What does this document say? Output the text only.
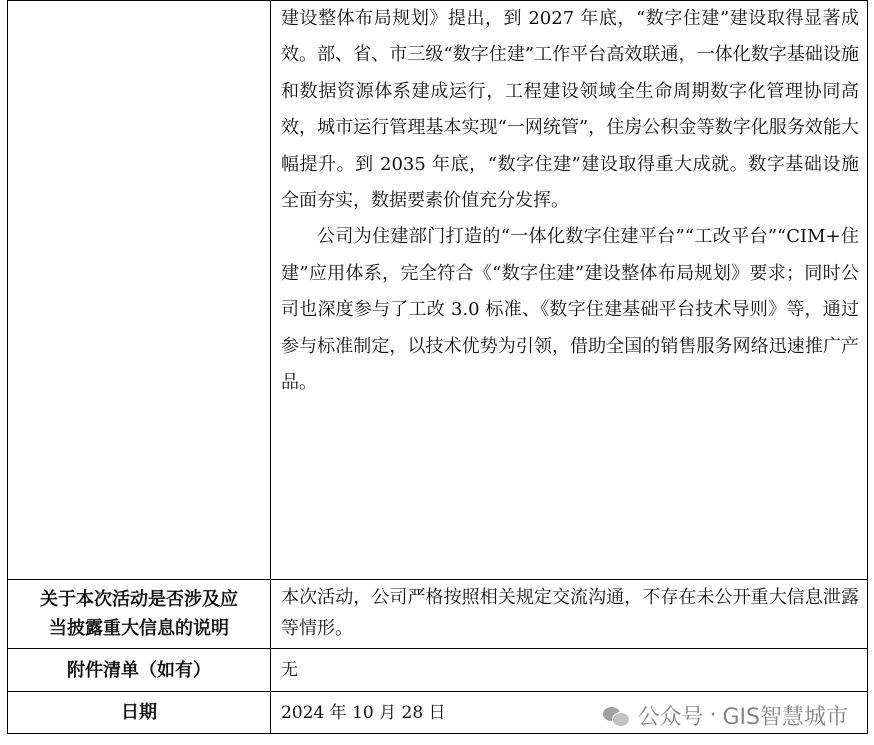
	建设整体布局规划》提出，到 2027 年底，“数字住建”建设取得显著成效。部、省、市三级“数字住建”工作平台高效联通，一体化数字基础设施和数据资源体系建成运行，工程建设领域全生命周期数字化管理协同高效，城市运行管理基本实现“一网统管”，住房公积金等数字化服务效能大幅提升。到 2035 年底，“数字住建”建设取得重大成就。数字基础设施全面夯实，数据要素价值充分发挥。

公司为住建部门打造的“一体化数字住建平台”“工改平台”“CIM+住建”应用体系，完全符合《“数字住建”建设整体布局规划》要求；同时公司也深度参与了工改 3.0 标准、《数字住建基础平台技术导则》等，通过参与标准制定，以技术优势为引领，借助全国的销售服务网络迅速推广产品。

关于本次活动是否涉及应
当披露重大信息的说明	本次活动，公司严格按照相关规定交流沟通，不存在未公开重大信息泄露等情形。

附件清单（如有）	无
日期	2024 年 10 月 28 日	公众号 · GIS智慧城市
